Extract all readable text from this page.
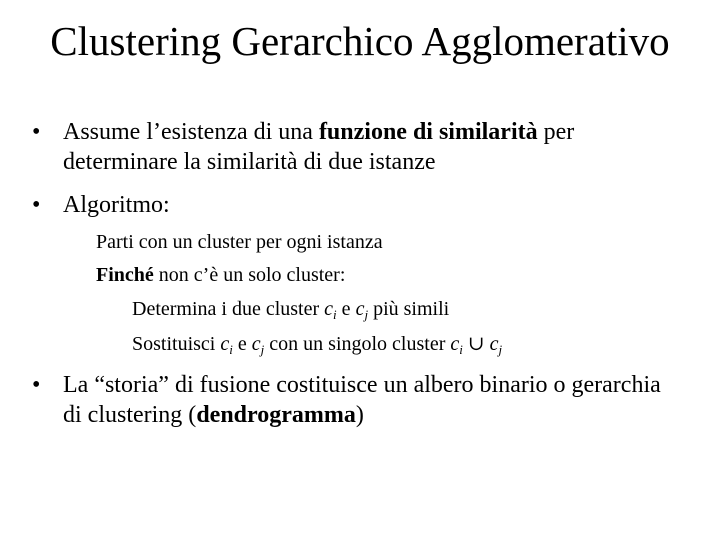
Clustering Gerarchico Agglomerativo
• Assume l’esistenza di una funzione di similarità per determinare la similarità di due istanze
• Algoritmo:
Parti con un cluster per ogni istanza
Finché non c’è un solo cluster:
Determina i due cluster $c_i$ e $c_j$ più simili
Sostituisci $c_i$ e $c_j$ con un singolo cluster $c_i$ ∪ $c_j$
• La “storia” di fusione costituisce un albero binario o gerarchia di clustering (dendrogramma)
